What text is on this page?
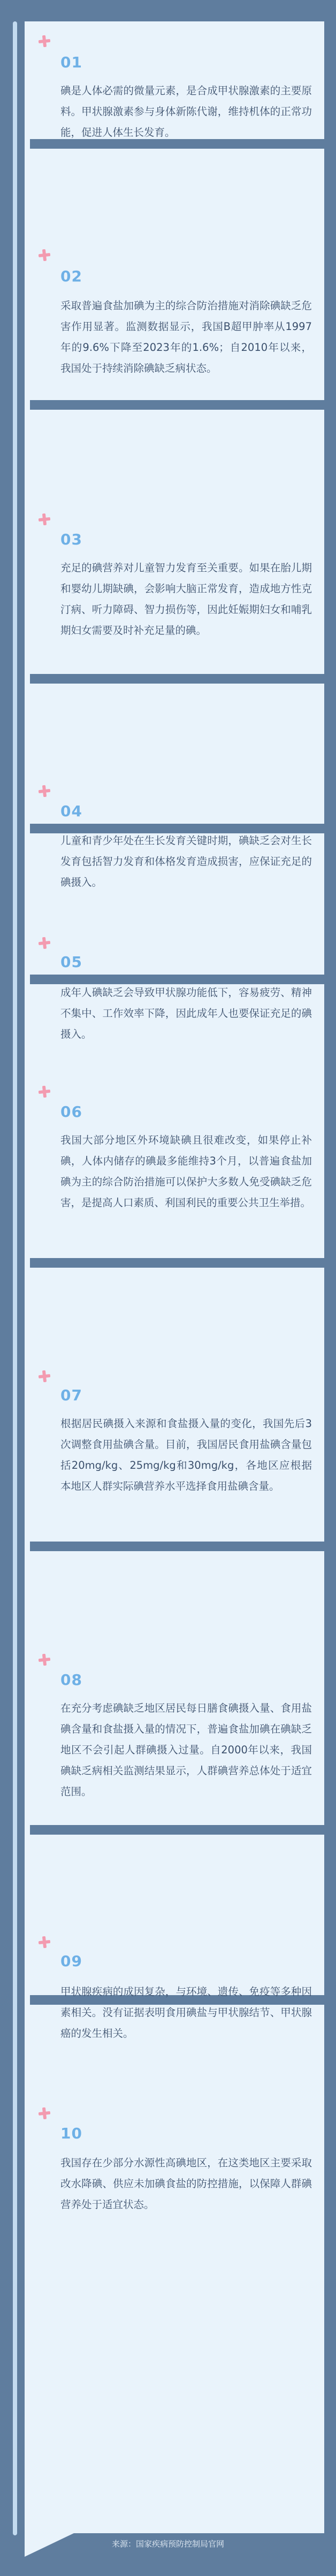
01
碘是人体必需的微量元素，是合成甲状腺激素的主要原料。甲状腺激素参与身体新陈代谢，维持机体的正常功能，促进人体生长发育。
02
采取普遍食盐加碘为主的综合防治措施对消除碘缺乏危害作用显著。监测数据显示，我国B超甲肿率从1997年的9.6%下降至2023年的1.6%；自2010年以来，我国处于持续消除碘缺乏病状态。
03
充足的碘营养对儿童智力发育至关重要。如果在胎儿期和婴幼儿期缺碘，会影响大脑正常发育，造成地方性克汀病、听力障碍、智力损伤等，因此妊娠期妇女和哺乳期妇女需要及时补充足量的碘。
04
儿童和青少年处在生长发育关键时期，碘缺乏会对生长发育包括智力发育和体格发育造成损害，应保证充足的碘摄入。
05
成年人碘缺乏会导致甲状腺功能低下，容易疲劳、精神不集中、工作效率下降，因此成年人也要保证充足的碘摄入。
06
我国大部分地区外环境缺碘且很难改变，如果停止补碘，人体内储存的碘最多能维持3个月，以普遍食盐加碘为主的综合防治措施可以保护大多数人免受碘缺乏危害，是提高人口素质、利国利民的重要公共卫生举措。
07
根据居民碘摄入来源和食盐摄入量的变化，我国先后3次调整食用盐碘含量。目前，我国居民食用盐碘含量包括20mg/kg、25mg/kg和30mg/kg，各地区应根据本地区人群实际碘营养水平选择食用盐碘含量。
08
在充分考虑碘缺乏地区居民每日膳食碘摄入量、食用盐碘含量和食盐摄入量的情况下，普遍食盐加碘在碘缺乏地区不会引起人群碘摄入过量。自2000年以来，我国碘缺乏病相关监测结果显示，人群碘营养总体处于适宜范围。
09
甲状腺疾病的成因复杂，与环境、遗传、免疫等多种因素相关。没有证据表明食用碘盐与甲状腺结节、甲状腺癌的发生相关。
10
我国存在少部分水源性高碘地区，在这类地区主要采取改水降碘、供应未加碘食盐的防控措施，以保障人群碘营养处于适宜状态。
来源：国家疾病预防控制局官网
